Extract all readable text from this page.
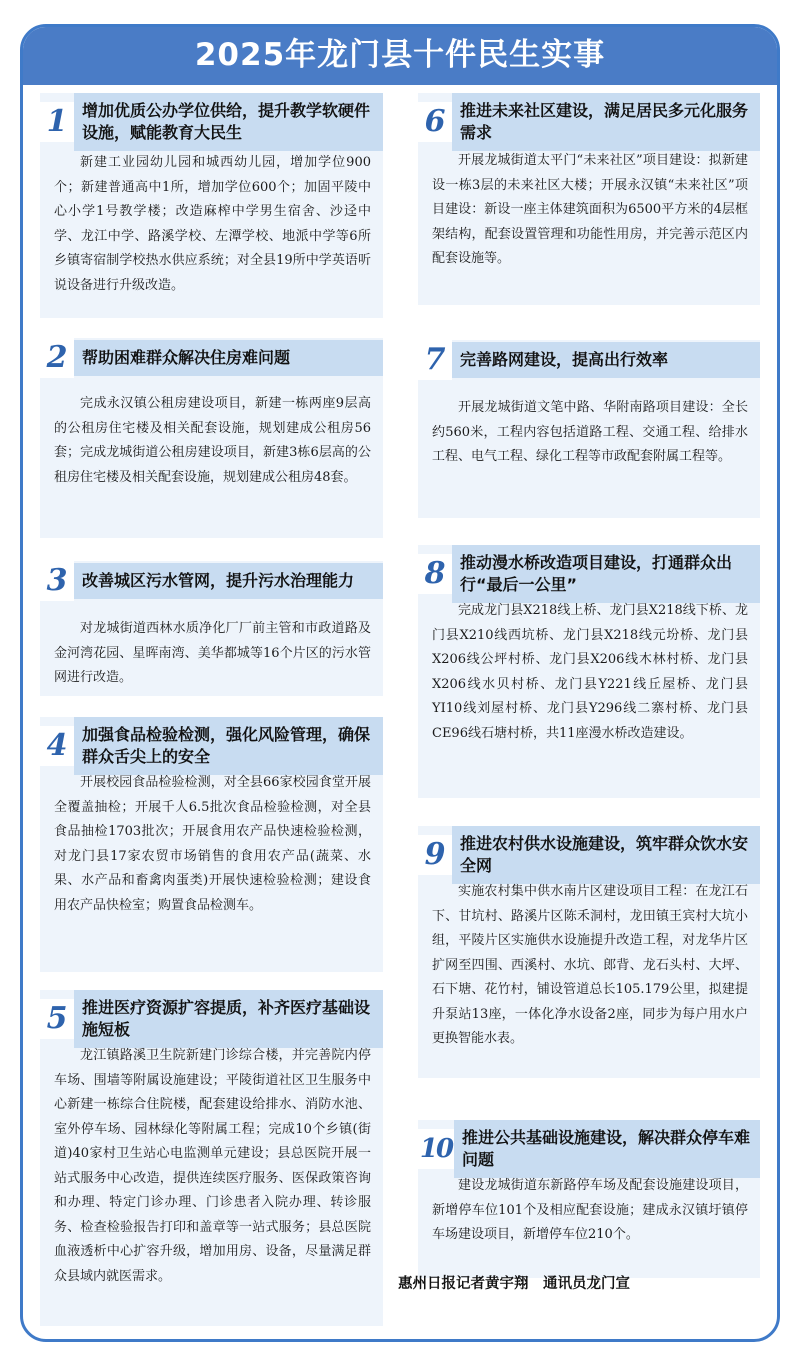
2025年龙门县十件民生实事
1 增加优质公办学位供给，提升教学软硬件设施，赋能教育大民生
新建工业园幼儿园和城西幼儿园，增加学位900个；新建普通高中1所，增加学位600个；加固平陵中心小学1号教学楼；改造麻榨中学男生宿舍、沙迳中学、龙江中学、路溪学校、左潭学校、地派中学等6所乡镇寄宿制学校热水供应系统；对全县19所中学英语听说设备进行升级改造。
2 帮助困难群众解决住房难问题
完成永汉镇公租房建设项目，新建一栋两座9层高的公租房住宅楼及相关配套设施，规划建成公租房56套；完成龙城街道公租房建设项目，新建3栋6层高的公租房住宅楼及相关配套设施，规划建成公租房48套。
3 改善城区污水管网，提升污水治理能力
对龙城街道西林水质净化厂厂前主管和市政道路及金河湾花园、星晖南湾、美华都城等16个片区的污水管网进行改造。
4 加强食品检验检测，强化风险管理，确保群众舌尖上的安全
开展校园食品检验检测，对全县66家校园食堂开展全覆盖抽检；开展千人6.5批次食品检验检测，对全县食品抽检1703批次；开展食用农产品快速检验检测，对龙门县17家农贸市场销售的食用农产品(蔬菜、水果、水产品和畜禽肉蛋类)开展快速检验检测；建设食用农产品快检室；购置食品检测车。
5 推进医疗资源扩容提质，补齐医疗基础设施短板
龙江镇路溪卫生院新建门诊综合楼，并完善院内停车场、围墙等附属设施建设；平陵街道社区卫生服务中心新建一栋综合住院楼，配套建设给排水、消防水池、室外停车场、园林绿化等附属工程；完成10个乡镇(街道)40家村卫生站心电监测单元建设；县总医院开展一站式服务中心改造，提供连续医疗服务、医保政策咨询和办理、特定门诊办理、门诊患者入院办理、转诊服务、检查检验报告打印和盖章等一站式服务；县总医院血液透析中心扩容升级，增加用房、设备，尽量满足群众县域内就医需求。
6 推进未来社区建设，满足居民多元化服务需求
开展龙城街道太平门“未来社区”项目建设：拟新建设一栋3层的未来社区大楼；开展永汉镇“未来社区”项目建设：新设一座主体建筑面积为6500平方米的4层框架结构，配套设置管理和功能性用房，并完善示范区内配套设施等。
7 完善路网建设，提高出行效率
开展龙城街道文笔中路、华附南路项目建设：全长约560米，工程内容包括道路工程、交通工程、给排水工程、电气工程、绿化工程等市政配套附属工程等。
8 推动漫水桥改造项目建设，打通群众出行“最后一公里”
完成龙门县X218线上桥、龙门县X218线下桥、龙门县X210线西坑桥、龙门县X218线元坋桥、龙门县X206线公坪村桥、龙门县X206线木林村桥、龙门县X206线水贝村桥、龙门县Y221线丘屋桥、龙门县YI10线刘屋村桥、龙门县Y296线二寨村桥、龙门县CE96线石塘村桥，共11座漫水桥改造建设。
9 推进农村供水设施建设，筑牢群众饮水安全网
实施农村集中供水南片区建设项目工程：在龙江石下、甘坑村、路溪片区陈禾洞村，龙田镇王宾村大坑小组，平陵片区实施供水设施提升改造工程，对龙华片区扩网至四围、西溪村、水坑、郎背、龙石头村、大坪、石下塘、花竹村，铺设管道总长105.179公里，拟建提升泵站13座，一体化净水设备2座，同步为每户用水户更换智能水表。
10 推进公共基础设施建设，解决群众停车难问题
建设龙城街道东新路停车场及配套设施建设项目，新增停车位101个及相应配套设施；建成永汉镇圩镇停车场建设项目，新增停车位210个。
惠州日报记者黄宇翔　通讯员龙门宣
